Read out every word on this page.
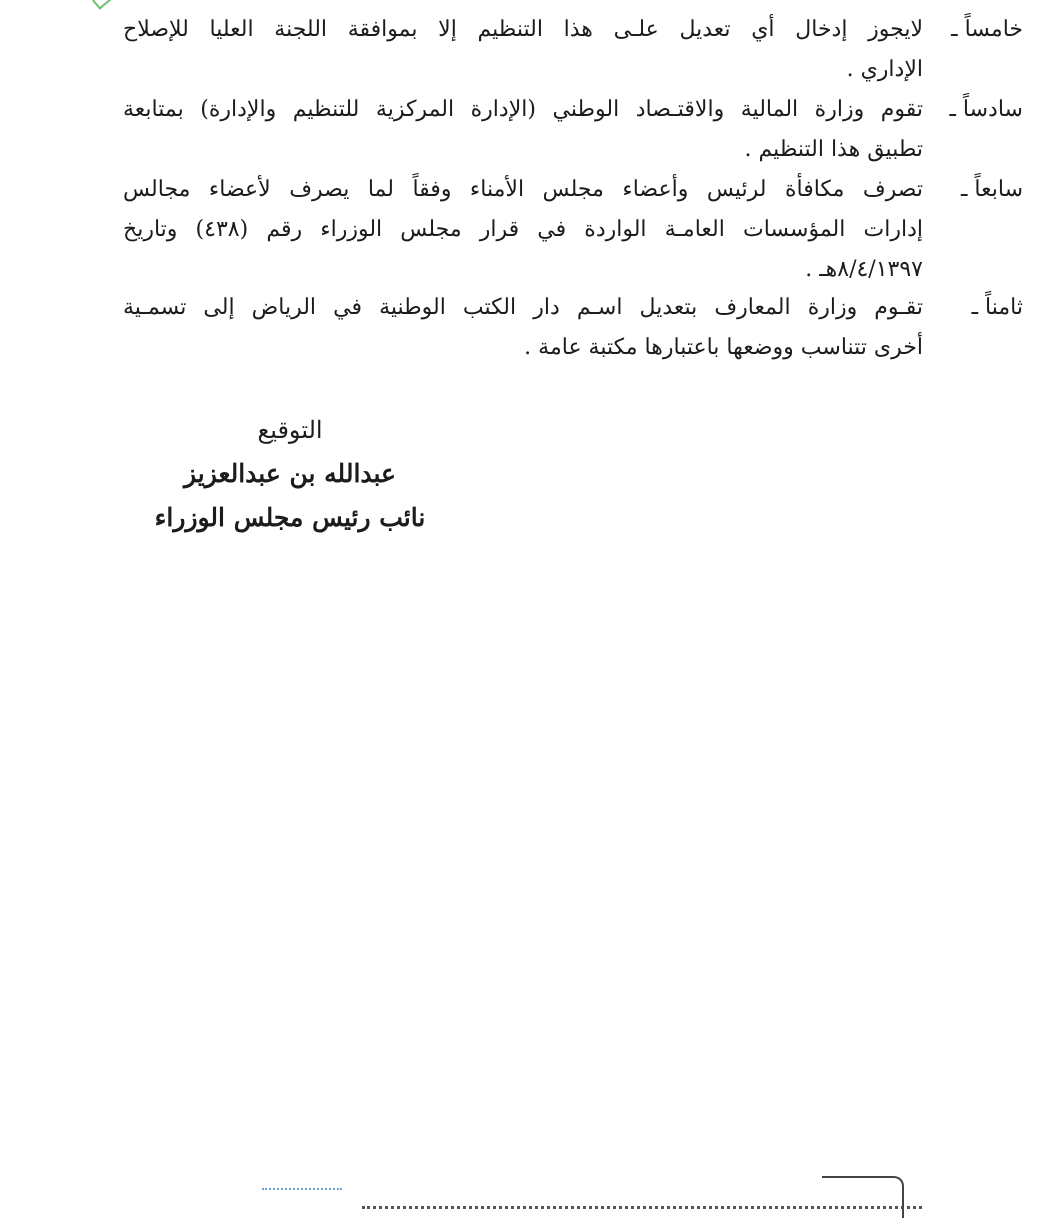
خامساً ـ
لايجوز إدخال أي تعديل علـى هذا التنظيم إلا بموافقة اللجنة العليا للإصلاح
الإداري .
سادساً ـ
تقوم وزارة المالية والاقتـصاد الوطني (الإدارة المركزية للتنظيم والإدارة) بمتابعة
تطبيق هذا التنظيم .
سابعاً ـ
تصرف مكافأة لرئيس وأعضاء مجلس الأمناء وفقاً لما يصرف لأعضاء مجالس
إدارات المؤسسات العامـة الواردة في قرار مجلس الوزراء رقم (٤٣٨) وتاريخ
٨/٤/١٣٩٧هـ .
ثامناً ـ
تقـوم وزارة المعارف بتعديل اسـم دار الكتب الوطنية في الرياض إلى تسمـية
أخرى تتناسب ووضعها باعتبارها مكتبة عامة .
التوقيع
عبدالله بن عبدالعزيز
نائب رئيس مجلس الوزراء
